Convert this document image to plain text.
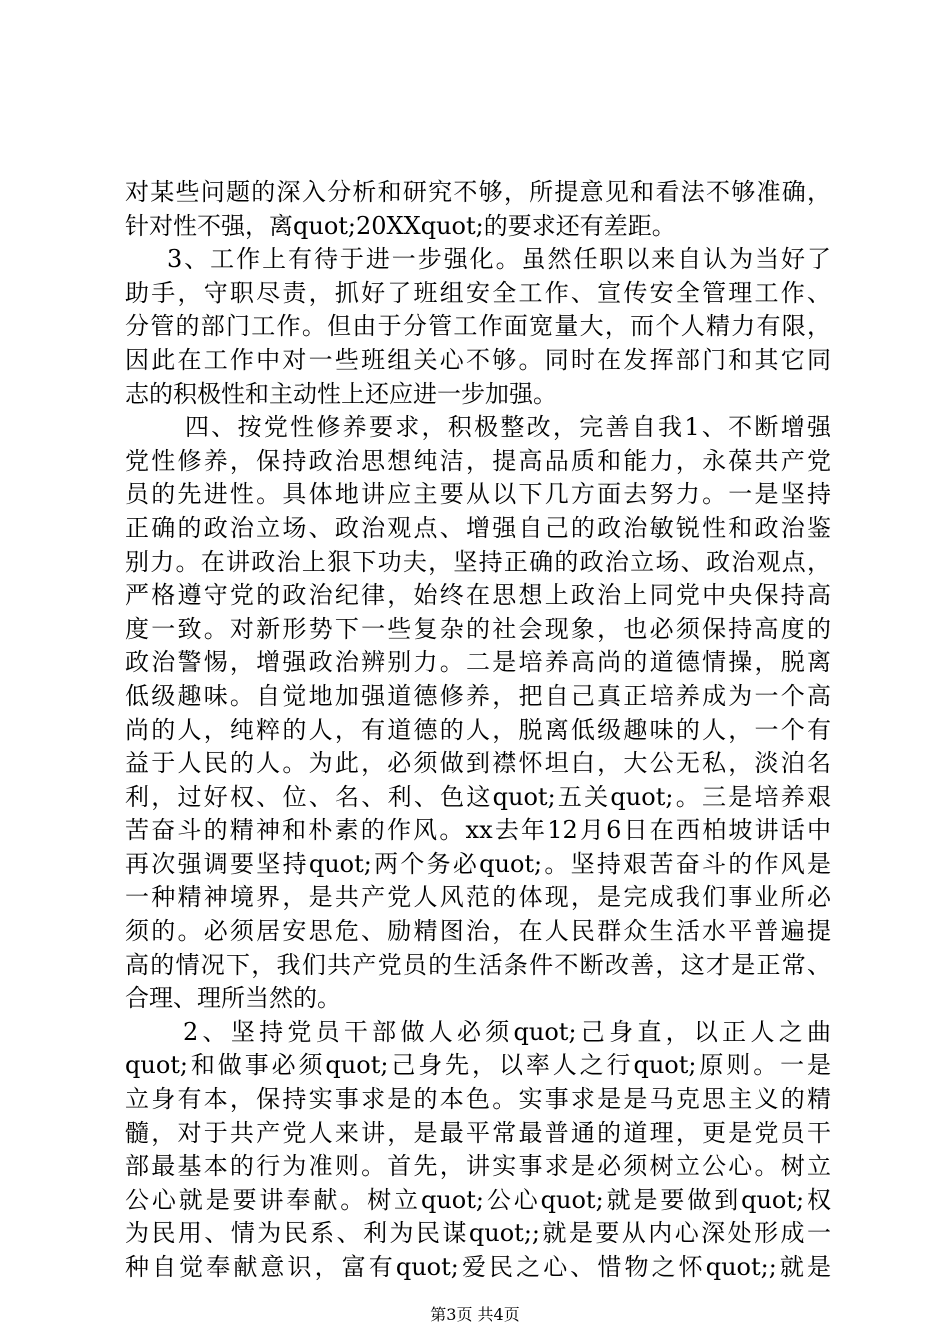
对某些问题的深入分析和研究不够，所提意见和看法不够准确，
针对性不强，离quot;20XXquot;的要求还有差距。
3、工作上有待于进一步强化。虽然任职以来自认为当好了
助手，守职尽责，抓好了班组安全工作、宣传安全管理工作、
分管的部门工作。但由于分管工作面宽量大，而个人精力有限，
因此在工作中对一些班组关心不够。同时在发挥部门和其它同
志的积极性和主动性上还应进一步加强。
四、按党性修养要求，积极整改，完善自我1、不断增强
党性修养，保持政治思想纯洁，提高品质和能力，永葆共产党
员的先进性。具体地讲应主要从以下几方面去努力。一是坚持
正确的政治立场、政治观点、增强自己的政治敏锐性和政治鉴
别力。在讲政治上狠下功夫，坚持正确的政治立场、政治观点，
严格遵守党的政治纪律，始终在思想上政治上同党中央保持高
度一致。对新形势下一些复杂的社会现象，也必须保持高度的
政治警惕，增强政治辨别力。二是培养高尚的道德情操，脱离
低级趣味。自觉地加强道德修养，把自己真正培养成为一个高
尚的人，纯粹的人，有道德的人，脱离低级趣味的人，一个有
益于人民的人。为此，必须做到襟怀坦白，大公无私，淡泊名
利，过好权、位、名、利、色这quot;五关quot;。三是培养艰
苦奋斗的精神和朴素的作风。xx去年12月6日在西柏坡讲话中
再次强调要坚持quot;两个务必quot;。坚持艰苦奋斗的作风是
一种精神境界，是共产党人风范的体现，是完成我们事业所必
须的。必须居安思危、励精图治，在人民群众生活水平普遍提
高的情况下，我们共产党员的生活条件不断改善，这才是正常、
合理、理所当然的。
2、坚持党员干部做人必须quot;己身直，以正人之曲
quot;和做事必须quot;己身先，以率人之行quot;原则。一是
立身有本，保持实事求是的本色。实事求是是马克思主义的精
髓，对于共产党人来讲，是最平常最普通的道理，更是党员干
部最基本的行为准则。首先，讲实事求是必须树立公心。树立
公心就是要讲奉献。树立quot;公心quot;就是要做到quot;权
为民用、情为民系、利为民谋quot;;就是要从内心深处形成一
种自觉奉献意识，富有quot;爱民之心、惜物之怀quot;;就是
第3页 共4页
